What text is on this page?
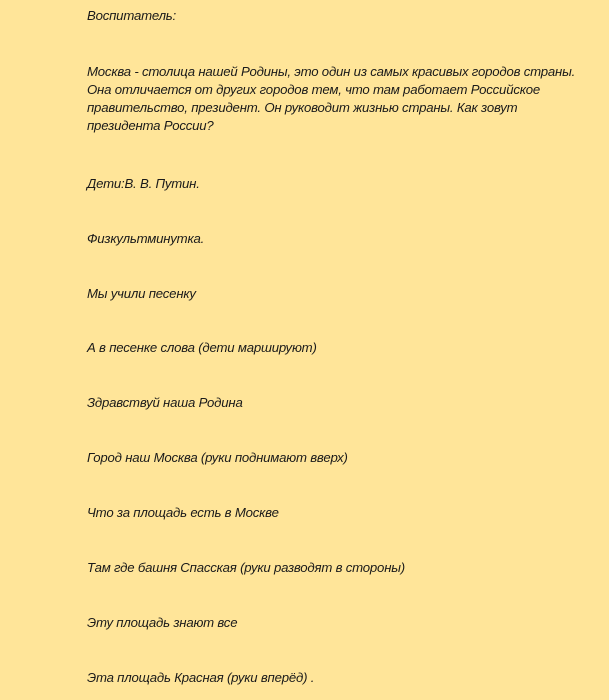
Воспитатель:

Москва - столица нашей Родины, это один из самых красивых городов страны. Она отличается от других городов тем, что там работает Российское правительство, президент. Он руководит жизнью страны. Как зовут президента России?

Дети:В. В. Путин.

Физкультминутка.

Мы учили песенку

А в песенке слова (дети маршируют)

Здравствуй наша Родина

Город наш Москва (руки поднимают вверх)

Что за площадь есть в Москве

Там где башня Спасская (руки разводят в стороны)

Эту площадь знают все

Эта площадь Красная (руки вперёд) .
